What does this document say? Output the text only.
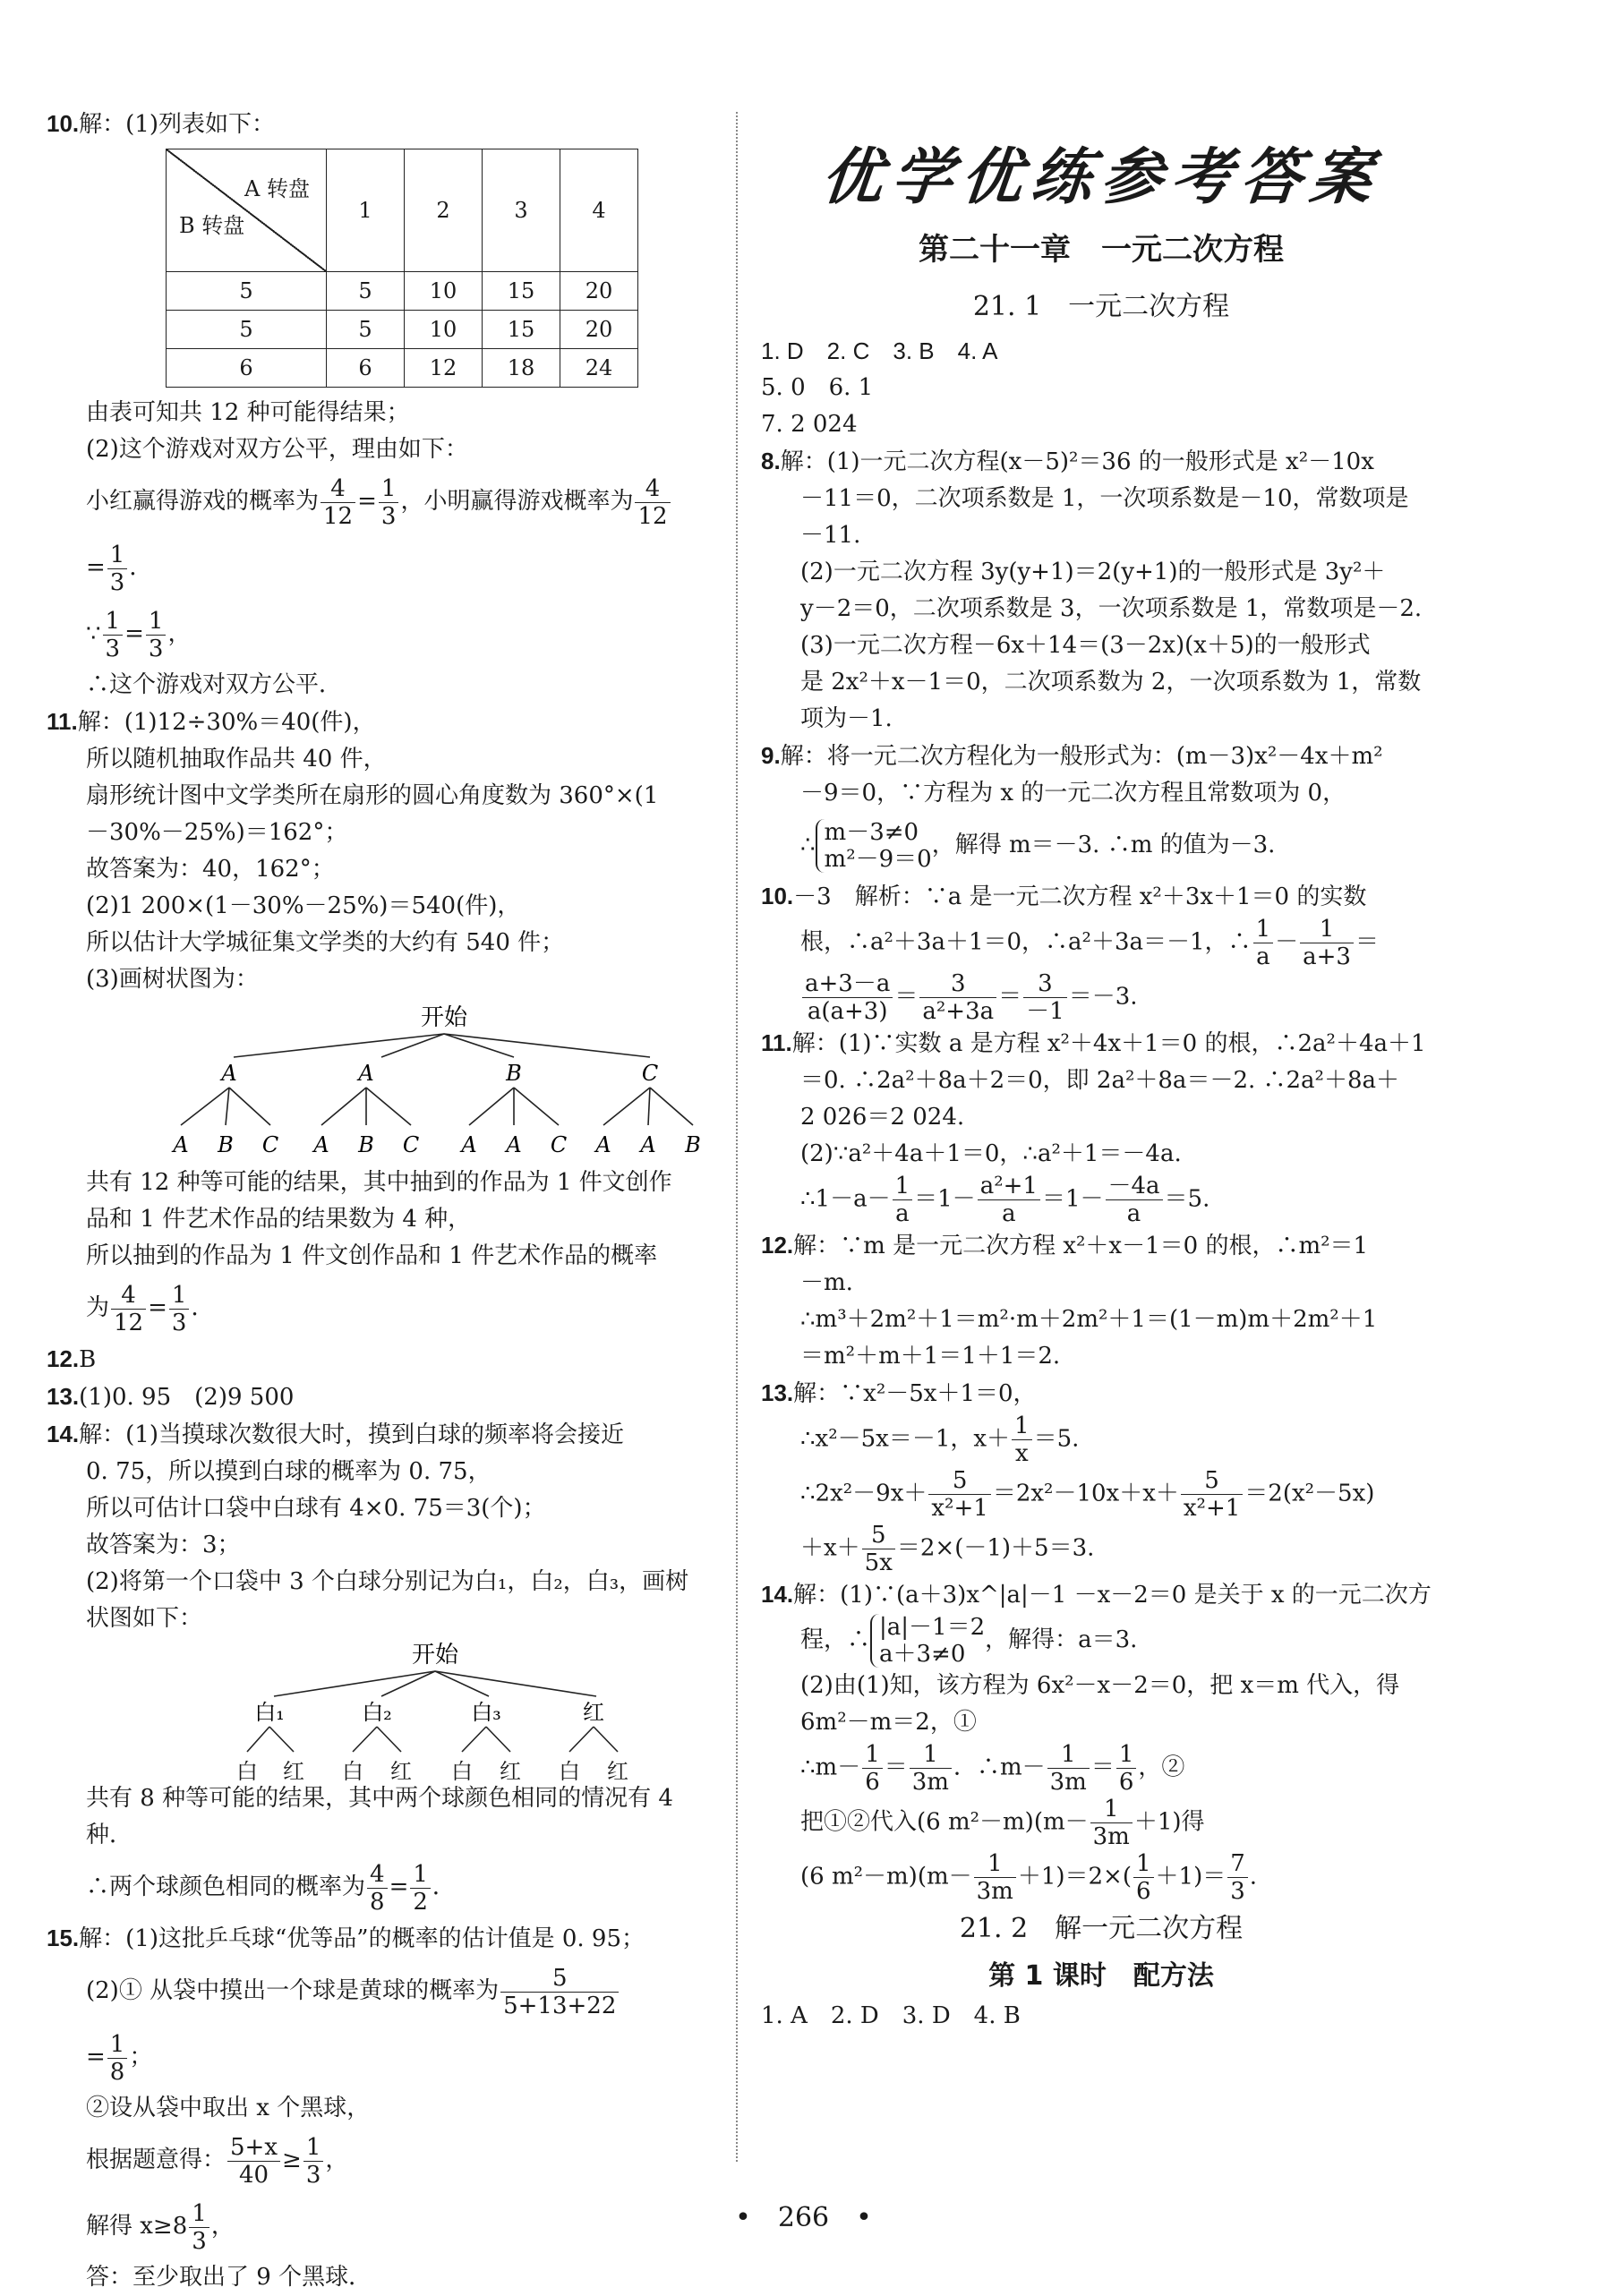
10.解：(1)列表如下：

A 转盘
B 转盘	1	2	3	4
5	5	10	15	20
5	5	10	15	20
6	6	12	18	24

由表可知共 12 种可能得结果；

(2)这个游戏对双方公平，理由如下：

小红赢得游戏的概率为 $\frac{4}{12} = \frac{1}{3}$ ，小明赢得游戏概率为 $\frac{4}{12}$

= $\frac{1}{3}$ ．

∵ $\frac{1}{3} = \frac{1}{3}$ ，

∴这个游戏对双方公平．

11.解：(1)12÷30%＝40(件)，

所以随机抽取作品共 40 件，

扇形统计图中文学类所在扇形的圆心角度数为 360°×(1

－30%－25%)＝162°；

故答案为：40，162°；

(2)1 200×(1－30%－25%)＝540(件)，

所以估计大学城征集文学类的大约有 540 件；

(3)画树状图为：

开始
A	A	B	C
A B C A B C A A C A A B

共有 12 种等可能的结果，其中抽到的作品为 1 件文创作

品和 1 件艺术作品的结果数为 4 种，

所以抽到的作品为 1 件文创作品和 1 件艺术作品的概率

为 $\frac{4}{12} = \frac{1}{3}$ ．

12.B

13.(1)0. 95　(2)9 500

14.解：(1)当摸球次数很大时，摸到白球的频率将会接近

0. 75，所以摸到白球的概率为 0. 75，

所以可估计口袋中白球有 4×0. 75＝3(个)；

故答案为：3；

(2)将第一个口袋中 3 个白球分别记为白₁，白₂，白₃，画树

状图如下：

开始
白₁	白₂	白₃	红
白 红 白 红 白 红 白 红

共有 8 种等可能的结果，其中两个球颜色相同的情况有 4 种．

∴两个球颜色相同的概率为 $\frac{4}{8} = \frac{1}{2}$ ．

15.解：(1)这批乒乓球“优等品”的概率的估计值是 0. 95；

(2)① 从袋中摸出一个球是黄球的概率为 $\frac{5}{5+13+22}$

= $\frac{1}{8}$ ；

②设从袋中取出 x 个黑球，

根据题意得： $\frac{5+x}{40} \ge \frac{1}{3}$ ，

解得 $x\ge 8 \frac{1}{3}$ ，

答：至少取出了 9 个黑球．

优学优练参考答案
第二十一章　一元二次方程
21. 1　一元二次方程

1. D　2. C　3. B　4. A

5. 0　6. 1

7. 2 024

8.解：(1)一元二次方程(x－5)²＝36 的一般形式是 x²－10x

－11＝0，二次项系数是 1，一次项系数是－10，常数项是

－11.

(2)一元二次方程 3y(y+1)＝2(y+1)的一般形式是 3y²＋

y－2＝0，二次项系数是 3，一次项系数是 1，常数项是－2.

(3)一元二次方程－6x＋14＝(3－2x)(x＋5)的一般形式

是 2x²＋x－1＝0，二次项系数为 2，一次项系数为 1，常数

项为－1.

9.解：将一元二次方程化为一般形式为：(m－3)x²－4x＋m²

－9＝0，∵方程为 x 的一元二次方程且常数项为 0，

∴ m－3≠0
m²－9＝0
，解得 m＝－3. ∴m 的值为－3.

10.－3　解析：∵a 是一元二次方程 x²＋3x＋1＝0 的实数

根，∴a²＋3a＋1＝0，∴a²＋3a＝－1，∴ $\frac{1}{a} - \frac{1}{a+3}$ ＝

$\frac{a+3-a}{a(a+3)} = \frac{3}{\text{a²+3a}} = \frac{3}{-1} =-3$.

11.解：(1)∵实数 a 是方程 x²＋4x＋1＝0 的根，∴2a²＋4a＋1

＝0. ∴2a²＋8a＋2＝0，即 2a²＋8a＝－2. ∴2a²＋8a＋

2 026＝2 024.

(2)∵a²＋4a＋1＝0，∴a²＋1＝－4a.

∴1－a－ $\frac{1}{a} =1- \frac{\text{a²+1}}{a} =1- \frac{-4a}{a} =5$.

12.解：∵m 是一元二次方程 x²＋x－1＝0 的根，∴m²＝1

－m.

∴m³＋2m²＋1＝m²·m＋2m²＋1＝(1－m)m＋2m²＋1

＝m²＋m＋1＝1＋1＝2.

13.解：∵x²－5x＋1＝0，

∴x²－5x＝－1，$x+ \frac{1}{x} =5$.

∴2x²－9x＋ $\frac{5}{\text{x²+1}} =2x^2-10x+x+ \frac{5}{\text{x²+1}} =2(x^2-5x)$

$+x+ \frac{5}{5x} =2\times(-1)+5=3$.

14.解：(1)∵(a＋3)x^|a|－1 －x－2＝0 是关于 x 的一元二次方

程，∴ |a|－1＝2
a＋3≠0
，解得：a＝3.

(2)由(1)知，该方程为 6x²－x－2＝0，把 x＝m 代入，得

6m²－m＝2，①

∴m－ $\frac{1}{6} = \frac{1}{3m}$ ．∴m－ $\frac{1}{3m} = \frac{1}{6}$ ，②

把①②代入(6 $m^2-m)(m- \frac{1}{3m} +1)$得

(6 $m^2-m)(m- \frac{1}{3m} +1)=2\times( \frac{1}{6} +1)= \frac{7}{3}$ .

21. 2　解一元二次方程
第 1 课时　配方法

1. A　2. D　3. D　4. B

•　266　•
